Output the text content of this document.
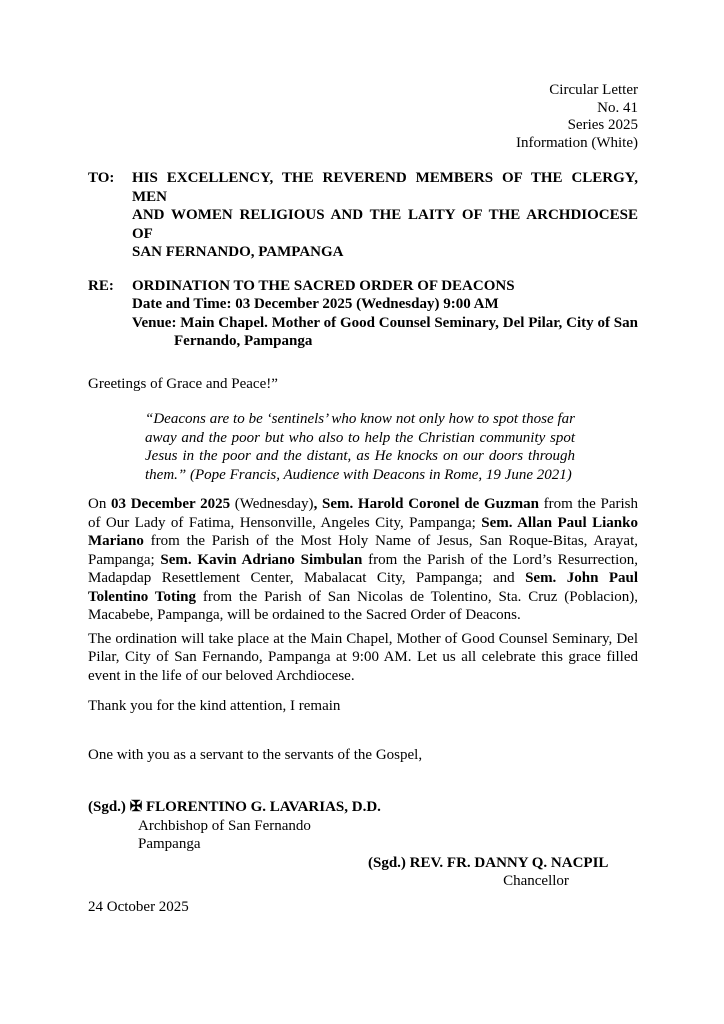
Circular Letter
No. 41
Series 2025
Information (White)
TO:	HIS EXCELLENCY, THE REVEREND MEMBERS OF THE CLERGY, MEN
AND WOMEN RELIGIOUS AND THE LAITY OF THE ARCHDIOCESE OF
SAN FERNANDO, PAMPANGA
RE:	ORDINATION TO THE SACRED ORDER OF DEACONS
Date and Time: 03 December 2025 (Wednesday) 9:00 AM
Venue: Main Chapel. Mother of Good Counsel Seminary, Del Pilar, City of San
Fernando, Pampanga
Greetings of Grace and Peace!”
“Deacons are to be ‘sentinels’ who know not only how to spot those far away and the poor but who also to help the Christian community spot Jesus in the poor and the distant, as He knocks on our doors through them.” (Pope Francis, Audience with Deacons in Rome, 19 June 2021)
On 03 December 2025 (Wednesday), Sem. Harold Coronel de Guzman from the Parish of Our Lady of Fatima, Hensonville, Angeles City, Pampanga; Sem. Allan Paul Lianko Mariano from the Parish of the Most Holy Name of Jesus, San Roque-Bitas, Arayat, Pampanga; Sem. Kavin Adriano Simbulan from the Parish of the Lord’s Resurrection, Madapdap Resettlement Center, Mabalacat City, Pampanga; and Sem. John Paul Tolentino Toting from the Parish of San Nicolas de Tolentino, Sta. Cruz (Poblacion), Macabebe, Pampanga, will be ordained to the Sacred Order of Deacons.
The ordination will take place at the Main Chapel, Mother of Good Counsel Seminary, Del Pilar, City of San Fernando, Pampanga at 9:00 AM. Let us all celebrate this grace filled event in the life of our beloved Archdiocese.
Thank you for the kind attention, I remain
One with you as a servant to the servants of the Gospel,
(Sgd.) ✠ FLORENTINO G. LAVARIAS, D.D.
Archbishop of San Fernando
Pampanga
(Sgd.) REV. FR. DANNY Q. NACPIL
Chancellor
24 October 2025
